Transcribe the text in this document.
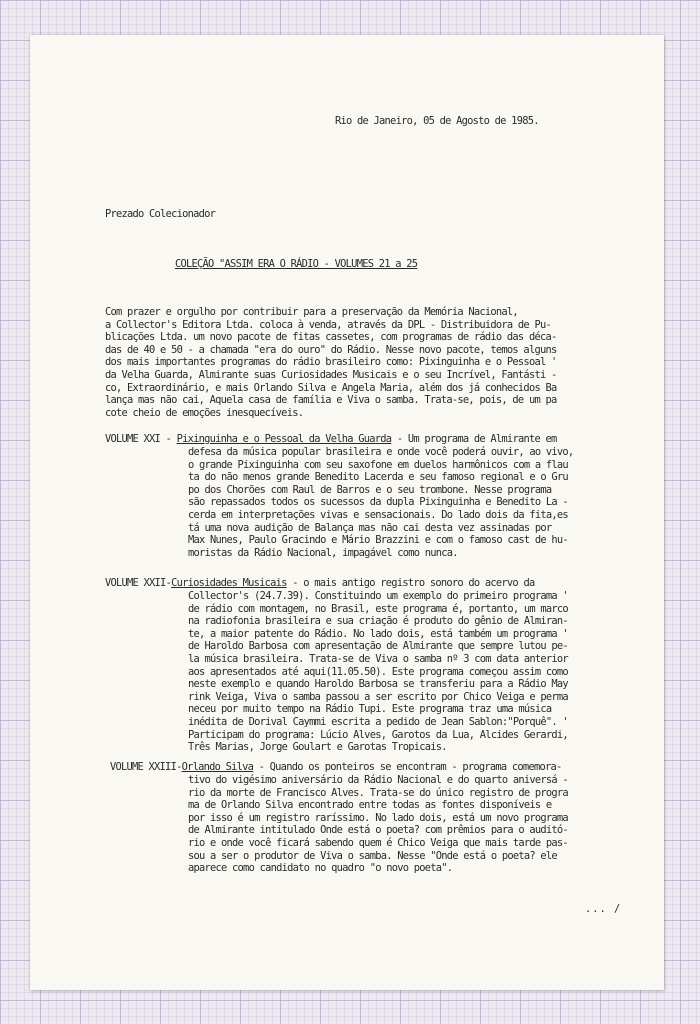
Rio de Janeiro, 05 de Agosto de 1985.

Prezado Colecionador

COLEÇÃO "ASSIM ERA O RÁDIO - VOLUMES 21 a 25

Com prazer e orgulho por contribuir para a preservação da Memória Nacional,
a Collector's Editora Ltda. coloca à venda, através da DPL - Distribuidora de Pu-
blicações Ltda. um novo pacote de fitas cassetes, com programas de rádio das déca-
das de 40 e 50 - a chamada "era do ouro" do Rádio. Nesse novo pacote, temos alguns
dos mais importantes programas do rádio brasileiro como: Pixinguinha e o Pessoal '
da Velha Guarda, Almirante suas Curiosidades Musicais e o seu Incrível, Fantásti -
co, Extraordinário, e mais Orlando Silva e Angela Maria, além dos já conhecidos Ba
lança mas não cai, Aquela casa de família e Viva o samba. Trata-se, pois, de um pa
cote cheio de emoções inesquecíveis.
VOLUME XXI - Pixinguinha e o Pessoal da Velha Guarda - Um programa de Almirante em
defesa da música popular brasileira e onde você poderá ouvir, ao vivo,
o grande Pixinguinha com seu saxofone em duelos harmônicos com a flau
ta do não menos grande Benedito Lacerda e seu famoso regional e o Gru
po dos Chorões com Raul de Barros e o seu trombone. Nesse programa
são repassados todos os sucessos da dupla Pixinguinha e Benedito La -
cerda em interpretações vivas e sensacionais. Do lado dois da fita,es
tá uma nova audição de Balança mas não cai desta vez assinadas por
Max Nunes, Paulo Gracindo e Mário Brazzini e com o famoso cast de hu-
moristas da Rádio Nacional, impagável como nunca.
VOLUME XXII-Curiosidades Musicais - o mais antigo registro sonoro do acervo da
Collector's (24.7.39). Constituindo um exemplo do primeiro programa '
de rádio com montagem, no Brasil, este programa é, portanto, um marco
na radiofonia brasileira e sua criação é produto do gênio de Almiran-
te, a maior patente do Rádio. No lado dois, está também um programa '
de Haroldo Barbosa com apresentação de Almirante que sempre lutou pe-
la música brasileira. Trata-se de Viva o samba nº 3 com data anterior
aos apresentados até aqui(11.05.50). Este programa começou assim como
neste exemplo e quando Haroldo Barbosa se transferiu para a Rádio May
rink Veiga, Viva o samba passou a ser escrito por Chico Veiga e perma
neceu por muito tempo na Rádio Tupi. Este programa traz uma música
inédita de Dorival Caymmi escrita a pedido de Jean Sablon:"Porquê". '
Participam do programa: Lúcio Alves, Garotos da Lua, Alcides Gerardi,
Três Marias, Jorge Goulart e Garotas Tropicais.
VOLUME XXIII-Orlando Silva - Quando os ponteiros se encontram - programa comemora-
tivo do vigésimo aniversário da Rádio Nacional e do quarto aniversá -
rio da morte de Francisco Alves. Trata-se do único registro de progra
ma de Orlando Silva encontrado entre todas as fontes disponíveis e
por isso é um registro raríssimo. No lado dois, está um novo programa
de Almirante intitulado Onde está o poeta? com prêmios para o auditó-
rio e onde você ficará sabendo quem é Chico Veiga que mais tarde pas-
sou a ser o produtor de Viva o samba. Nesse "Onde está o poeta? ele
aparece como candidato no quadro "o novo poeta".

... /
